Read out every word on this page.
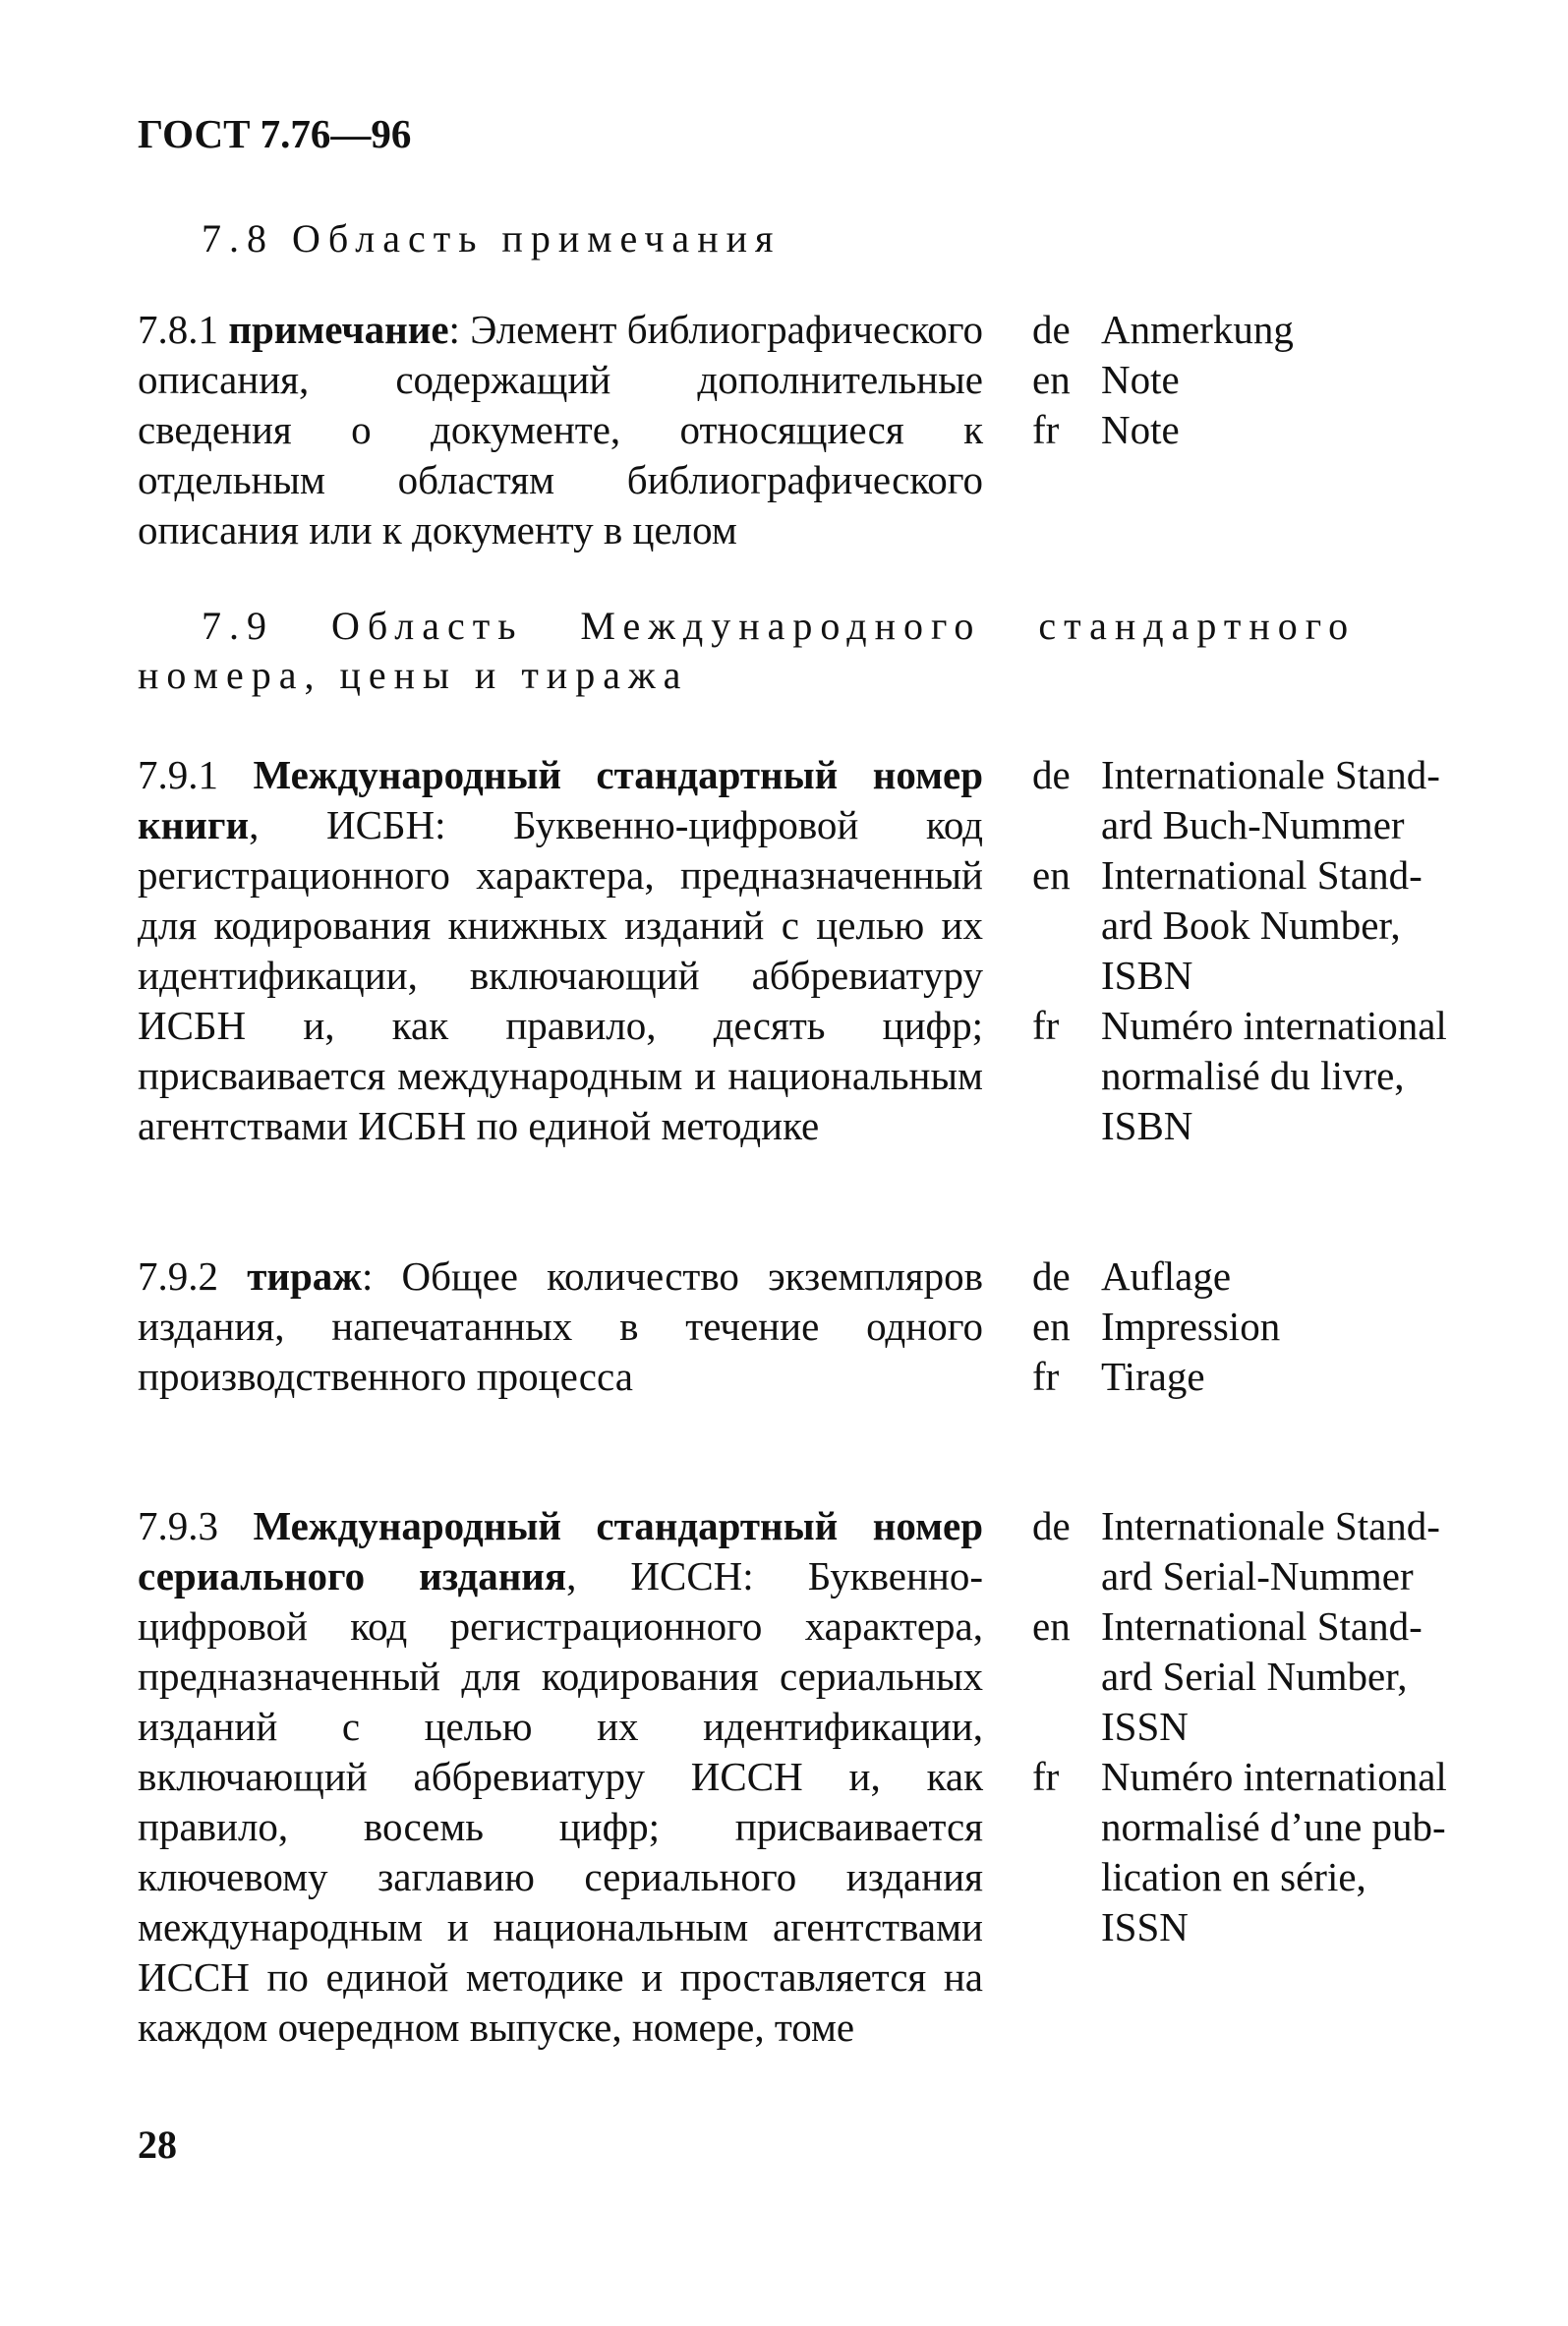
ГОСТ 7.76—96
7.8 Область примечания
7.8.1 примечание: Элемент библиографического описания, содержащий дополнительные сведения о документе, относящиеся к отдельным областям библиографического описания или к документу в целом
de Anmerkung
en Note
fr	Note
7.9 Область Международного стандартного
номера, цены и тиража
7.9.1 Международный стандартный номер книги, ИСБН: Буквенно-цифровой код регистрационного характера, предназначенный для кодирования книжных изданий с целью их идентификации, включающий аббревиатуру ИСБН и, как правило, десять цифр; присваивается международным и национальным агентствами ИСБН по единой методике
de Internationale Stand-
ard Buch-Nummer
en International Stand-
ard Book Number,
ISBN
fr	Numéro international
normalisé du livre,
ISBN
7.9.2 тираж: Общее количество экземпляров издания, напечатанных в течение одного производственного процесса
de Auflage
en Impression
fr	Tirage
7.9.3 Международный стандартный номер сериального издания, ИССН: Буквенно-цифровой код регистрационного характера, предназначенный для кодирования сериальных изданий с целью их идентификации, включающий аббревиатуру ИССН и, как правило, восемь цифр; присваивается ключевому заглавию сериального издания международным и национальным агентствами ИССН по единой методике и проставляется на каждом очередном выпуске, номере, томе
de Internationale Stand-
ard Serial-Nummer
en International Stand-
ard Serial Number,
ISSN
fr	Numéro international
normalisé d’une pub-
lication en série,
ISSN
28
